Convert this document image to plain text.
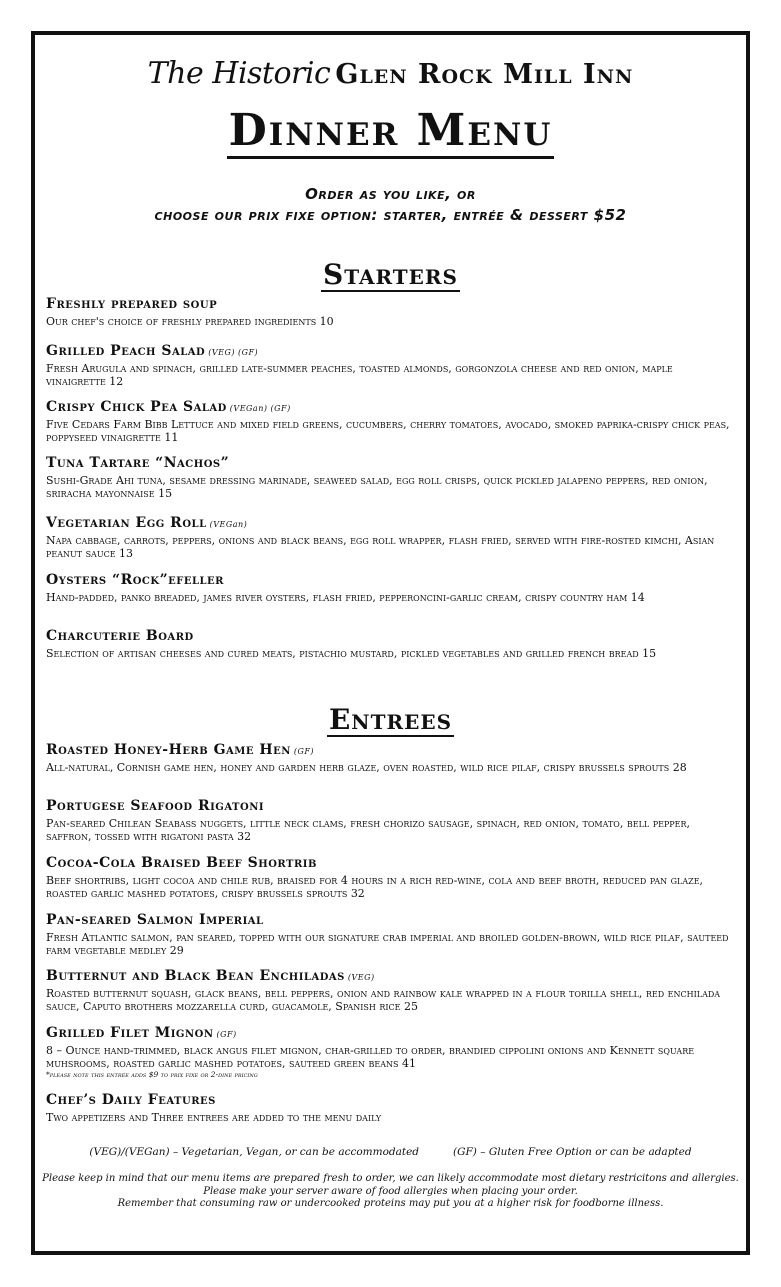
The Historic Glen Rock Mill Inn
Dinner Menu
Order as you like, or
choose our prix fixe option: starter, entrée & dessert $52
Starters
Freshly prepared soup
Our chef's choice of freshly prepared ingredients 10
Grilled Peach Salad (VEG) (GF)
Fresh Arugula and spinach, grilled late-summer peaches, toasted almonds, gorgonzola cheese and red onion, maple vinaigrette 12
Crispy Chick Pea Salad (VEGan) (GF)
Five Cedars Farm Bibb Lettuce and mixed field greens, cucumbers, cherry tomatoes, avocado, smoked paprika-crispy chick peas, poppyseed vinaigrette 11
Tuna Tartare “Nachos”
Sushi-Grade Ahi tuna, sesame dressing marinade, seaweed salad, egg roll crisps, quick pickled jalapeno peppers, red onion, sriracha mayonnaise 15
Vegetarian Egg Roll (VEGan)
Napa cabbage, carrots, peppers, onions and black beans, egg roll wrapper, flash fried, served with fire-rosted kimchi, Asian peanut sauce 13
Oysters “Rock”efeller
Hand-padded, panko breaded, james river oysters, flash fried, pepperoncini-garlic cream, crispy country ham 14
Charcuterie Board
Selection of artisan cheeses and cured meats, pistachio mustard, pickled vegetables and grilled french bread 15
Entrees
Roasted Honey-Herb Game Hen (GF)
All-natural, Cornish game hen, honey and garden herb glaze, oven roasted, wild rice pilaf, crispy brussels sprouts 28
Portugese Seafood Rigatoni
Pan-seared Chilean Seabass nuggets, little neck clams, fresh chorizo sausage, spinach, red onion, tomato, bell pepper, saffron, tossed with rigatoni pasta 32
Cocoa-Cola Braised Beef Shortrib
Beef shortribs, light cocoa and chile rub, braised for 4 hours in a rich red-wine, cola and beef broth, reduced pan glaze, roasted garlic mashed potatoes, crispy brussels sprouts 32
Pan-seared Salmon Imperial
Fresh Atlantic salmon, pan seared, topped with our signature crab imperial and broiled golden-brown, wild rice pilaf, sauteed farm vegetable medley 29
Butternut and Black Bean Enchiladas (VEG)
Roasted butternut squash, glack beans, bell peppers, onion and rainbow kale wrapped in a flour torilla shell, red enchilada sauce, Caputo brothers mozzarella curd, guacamole, Spanish rice 25
Grilled Filet Mignon (GF)
8 – Ounce hand-trimmed, black angus filet mignon, char-grilled to order, brandied cippolini onions and Kennett square muhsrooms, roasted garlic mashed potatoes, sauteed green beans 41
*please note this entrée adds $9 to prix fixe or 2-dine pricing
Chef’s Daily Features
Two appetizers and Three entrees are added to the menu daily
(VEG)/(VEGan) – Vegetarian, Vegan, or can be accommodated	(GF) – Gluten Free Option or can be adapted
Please keep in mind that our menu items are prepared fresh to order, we can likely accommodate most dietary restricitons and allergies.
Please make your server aware of food allergies when placing your order.
Remember that consuming raw or undercooked proteins may put you at a higher risk for foodborne illness.
